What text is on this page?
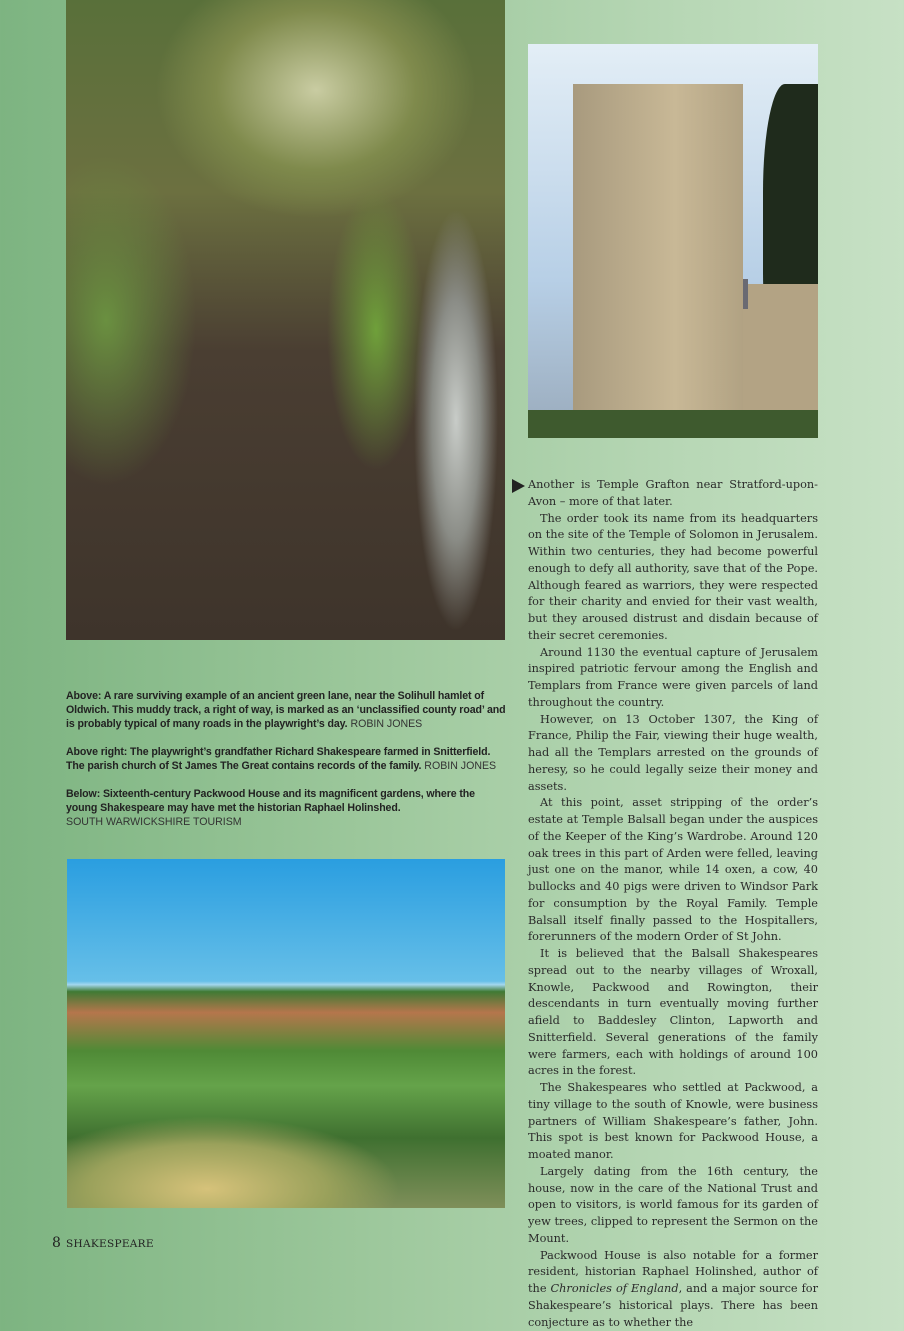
Above: A rare surviving example of an ancient green lane, near the Solihull hamlet of Oldwich. This muddy track, a right of way, is marked as an ‘unclassified county road’ and is probably typical of many roads in the playwright’s day. ROBIN JONES

Above right: The playwright’s grandfather Richard Shakespeare farmed in Snitterfield. The parish church of St James The Great contains records of the family. ROBIN JONES

Below: Sixteenth-century Packwood House and its magnificent gardens, where the young Shakespeare may have met the historian Raphael Holinshed.
SOUTH WARWICKSHIRE TOURISM

Another is Temple Grafton near Stratford-upon-Avon – more of that later.

The order took its name from its headquarters on the site of the Temple of Solomon in Jerusalem. Within two centuries, they had become powerful enough to defy all authority, save that of the Pope. Although feared as warriors, they were respected for their charity and envied for their vast wealth, but they aroused distrust and disdain because of their secret ceremonies.

Around 1130 the eventual capture of Jerusalem inspired patriotic fervour among the English and Templars from France were given parcels of land throughout the country.

However, on 13 October 1307, the King of France, Philip the Fair, viewing their huge wealth, had all the Templars arrested on the grounds of heresy, so he could legally seize their money and assets.

At this point, asset stripping of the order’s estate at Temple Balsall began under the auspices of the Keeper of the King’s Wardrobe. Around 120 oak trees in this part of Arden were felled, leaving just one on the manor, while 14 oxen, a cow, 40 bullocks and 40 pigs were driven to Windsor Park for consumption by the Royal Family. Temple Balsall itself finally passed to the Hospitallers, forerunners of the modern Order of St John.

It is believed that the Balsall Shakespeares spread out to the nearby villages of Wroxall, Knowle, Packwood and Rowington, their descendants in turn eventually moving further afield to Baddesley Clinton, Lapworth and Snitterfield. Several generations of the family were farmers, each with holdings of around 100 acres in the forest.

The Shakespeares who settled at Packwood, a tiny village to the south of Knowle, were business partners of William Shakespeare’s father, John. This spot is best known for Packwood House, a moated manor.

Largely dating from the 16th century, the house, now in the care of the National Trust and open to visitors, is world famous for its garden of yew trees, clipped to represent the Sermon on the Mount.

Packwood House is also notable for a former resident, historian Raphael Holinshed, author of the Chronicles of England, and a major source for Shakespeare’s historical plays. There has been conjecture as to whether the

8 SHAKESPEARE
